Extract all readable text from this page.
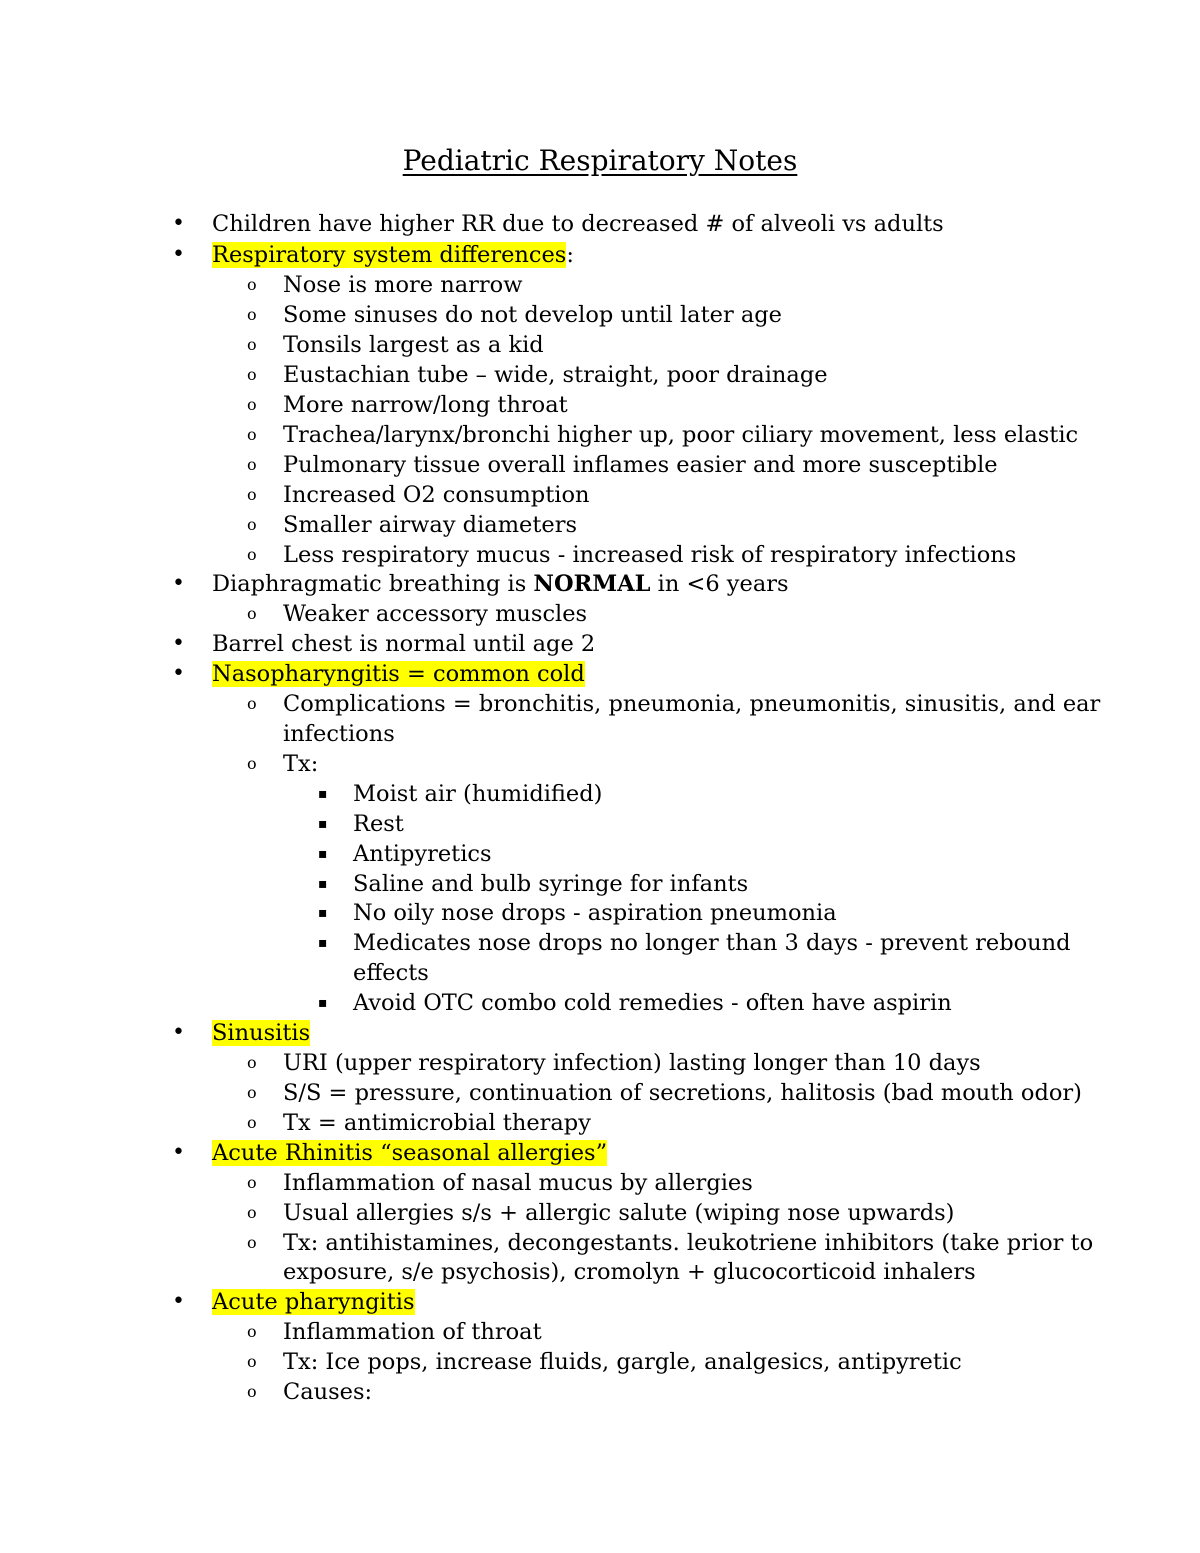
Pediatric Respiratory Notes
• Children have higher RR due to decreased # of alveoli vs adults
• Respiratory system differences:
o Nose is more narrow
o Some sinuses do not develop until later age
o Tonsils largest as a kid
o Eustachian tube – wide, straight, poor drainage
o More narrow/long throat
o Trachea/larynx/bronchi higher up, poor ciliary movement, less elastic
o Pulmonary tissue overall inflames easier and more susceptible
o Increased O2 consumption
o Smaller airway diameters
o Less respiratory mucus - increased risk of respiratory infections
• Diaphragmatic breathing is NORMAL in <6 years
o Weaker accessory muscles
• Barrel chest is normal until age 2
• Nasopharyngitis = common cold
o Complications = bronchitis, pneumonia, pneumonitis, sinusitis, and ear
infections
o Tx:
▪ Moist air (humidified)
▪ Rest
▪ Antipyretics
▪ Saline and bulb syringe for infants
▪ No oily nose drops - aspiration pneumonia
▪ Medicates nose drops no longer than 3 days - prevent rebound
effects
▪ Avoid OTC combo cold remedies - often have aspirin
• Sinusitis
o URI (upper respiratory infection) lasting longer than 10 days
o S/S = pressure, continuation of secretions, halitosis (bad mouth odor)
o Tx = antimicrobial therapy
• Acute Rhinitis “seasonal allergies”
o Inflammation of nasal mucus by allergies
o Usual allergies s/s + allergic salute (wiping nose upwards)
o Tx: antihistamines, decongestants. leukotriene inhibitors (take prior to
exposure, s/e psychosis), cromolyn + glucocorticoid inhalers
• Acute pharyngitis
o Inflammation of throat
o Tx: Ice pops, increase fluids, gargle, analgesics, antipyretic
o Causes:
